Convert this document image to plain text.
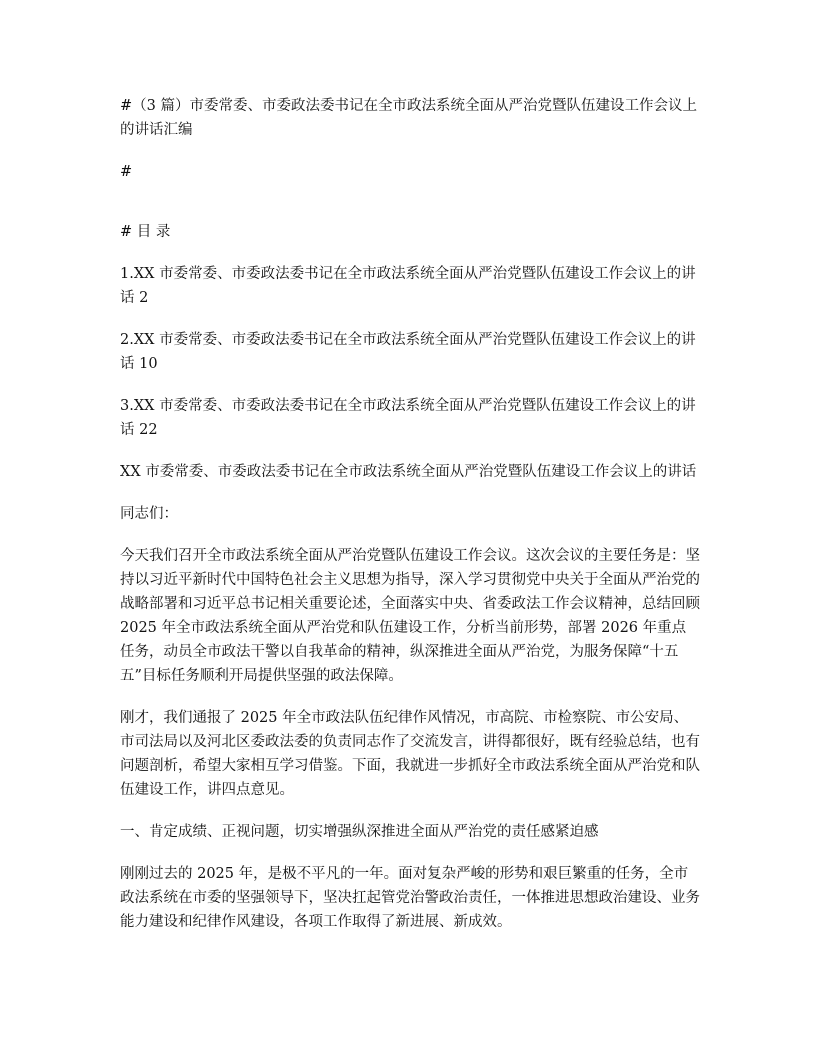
#（3 篇）市委常委、市委政法委书记在全市政法系统全面从严治党暨队伍建设工作会议上的讲话汇编

#

# 目 录

1.XX 市委常委、市委政法委书记在全市政法系统全面从严治党暨队伍建设工作会议上的讲话 2

2.XX 市委常委、市委政法委书记在全市政法系统全面从严治党暨队伍建设工作会议上的讲话 10

3.XX 市委常委、市委政法委书记在全市政法系统全面从严治党暨队伍建设工作会议上的讲话 22

XX 市委常委、市委政法委书记在全市政法系统全面从严治党暨队伍建设工作会议上的讲话

同志们：

今天我们召开全市政法系统全面从严治党暨队伍建设工作会议。这次会议的主要任务是：坚持以习近平新时代中国特色社会主义思想为指导，深入学习贯彻党中央关于全面从严治党的战略部署和习近平总书记相关重要论述，全面落实中央、省委政法工作会议精神，总结回顾 2025 年全市政法系统全面从严治党和队伍建设工作，分析当前形势，部署 2026 年重点任务，动员全市政法干警以自我革命的精神，纵深推进全面从严治党，为服务保障“十五五”目标任务顺利开局提供坚强的政法保障。

刚才，我们通报了 2025 年全市政法队伍纪律作风情况，市高院、市检察院、市公安局、市司法局以及河北区委政法委的负责同志作了交流发言，讲得都很好，既有经验总结，也有问题剖析，希望大家相互学习借鉴。下面，我就进一步抓好全市政法系统全面从严治党和队伍建设工作，讲四点意见。

一、肯定成绩、正视问题，切实增强纵深推进全面从严治党的责任感紧迫感

刚刚过去的 2025 年，是极不平凡的一年。面对复杂严峻的形势和艰巨繁重的任务，全市政法系统在市委的坚强领导下，坚决扛起管党治警政治责任，一体推进思想政治建设、业务能力建设和纪律作风建设，各项工作取得了新进展、新成效。
